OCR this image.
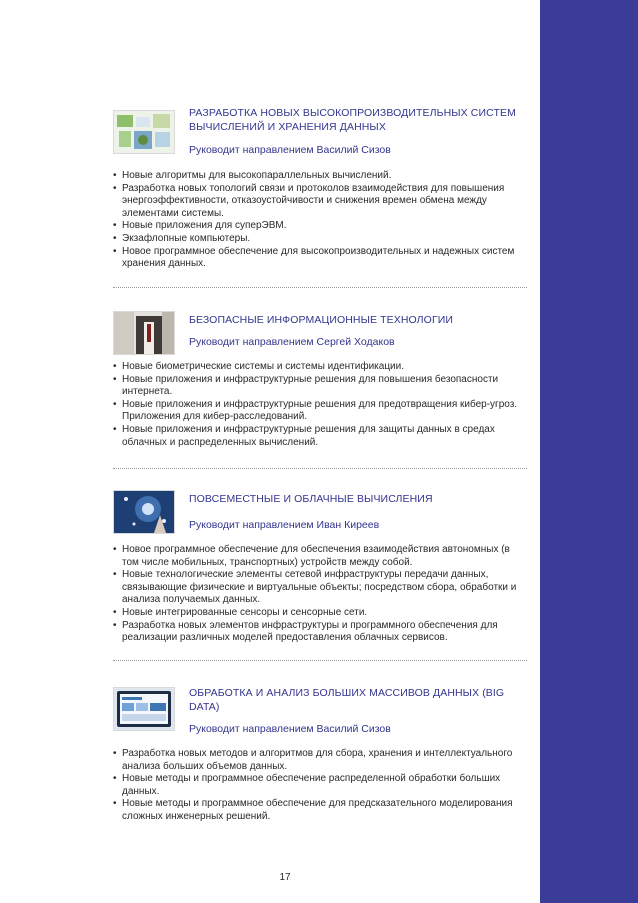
РАЗРАБОТКА НОВЫХ ВЫСОКОПРОИЗВОДИТЕЛЬНЫХ СИСТЕМ ВЫЧИСЛЕНИЙ И ХРАНЕНИЯ ДАННЫХ
Руководит направлением Василий Сизов
• Новые алгоритмы для высокопараллельных вычислений.
• Разработка новых топологий связи и протоколов взаимодействия для повышения энергоэффективности, отказоустойчивости и снижения времен обмена между элементами системы.
• Новые приложения для суперЭВМ.
• Экзафлопные компьютеры.
• Новое программное обеспечение для высокопроизводительных и надежных систем хранения данных.
БЕЗОПАСНЫЕ ИНФОРМАЦИОННЫЕ ТЕХНОЛОГИИ
Руководит направлением Сергей Ходаков
• Новые биометрические системы и системы идентификации.
• Новые приложения и инфраструктурные решения для повышения безопасности интернета.
• Новые приложения и инфраструктурные решения для предотвращения кибер-угроз. Приложения для кибер-расследований.
• Новые приложения и инфраструктурные решения для защиты данных в средах облачных и распределенных вычислений.
ПОВСЕМЕСТНЫЕ И ОБЛАЧНЫЕ ВЫЧИСЛЕНИЯ
Руководит направлением Иван Киреев
• Новое программное обеспечение для обеспечения взаимодействия автономных (в том числе мобильных, транспортных) устройств между собой.
• Новые технологические элементы сетевой инфраструктуры передачи данных, связывающие физические и виртуальные объекты; посредством сбора, обработки и анализа получаемых данных.
• Новые интегрированные сенсоры и сенсорные сети.
• Разработка новых элементов инфраструктуры и программного обеспечения для реализации различных моделей предоставления облачных сервисов.
ОБРАБОТКА И АНАЛИЗ БОЛЬШИХ МАССИВОВ ДАННЫХ (BIG DATA)
Руководит направлением Василий Сизов
• Разработка новых методов и алгоритмов для сбора, хранения и интеллектуального анализа больших объемов данных.
• Новые методы и программное обеспечение распределенной обработки больших данных.
• Новые методы и программное обеспечение для предсказательного моделирования сложных инженерных решений.
17
